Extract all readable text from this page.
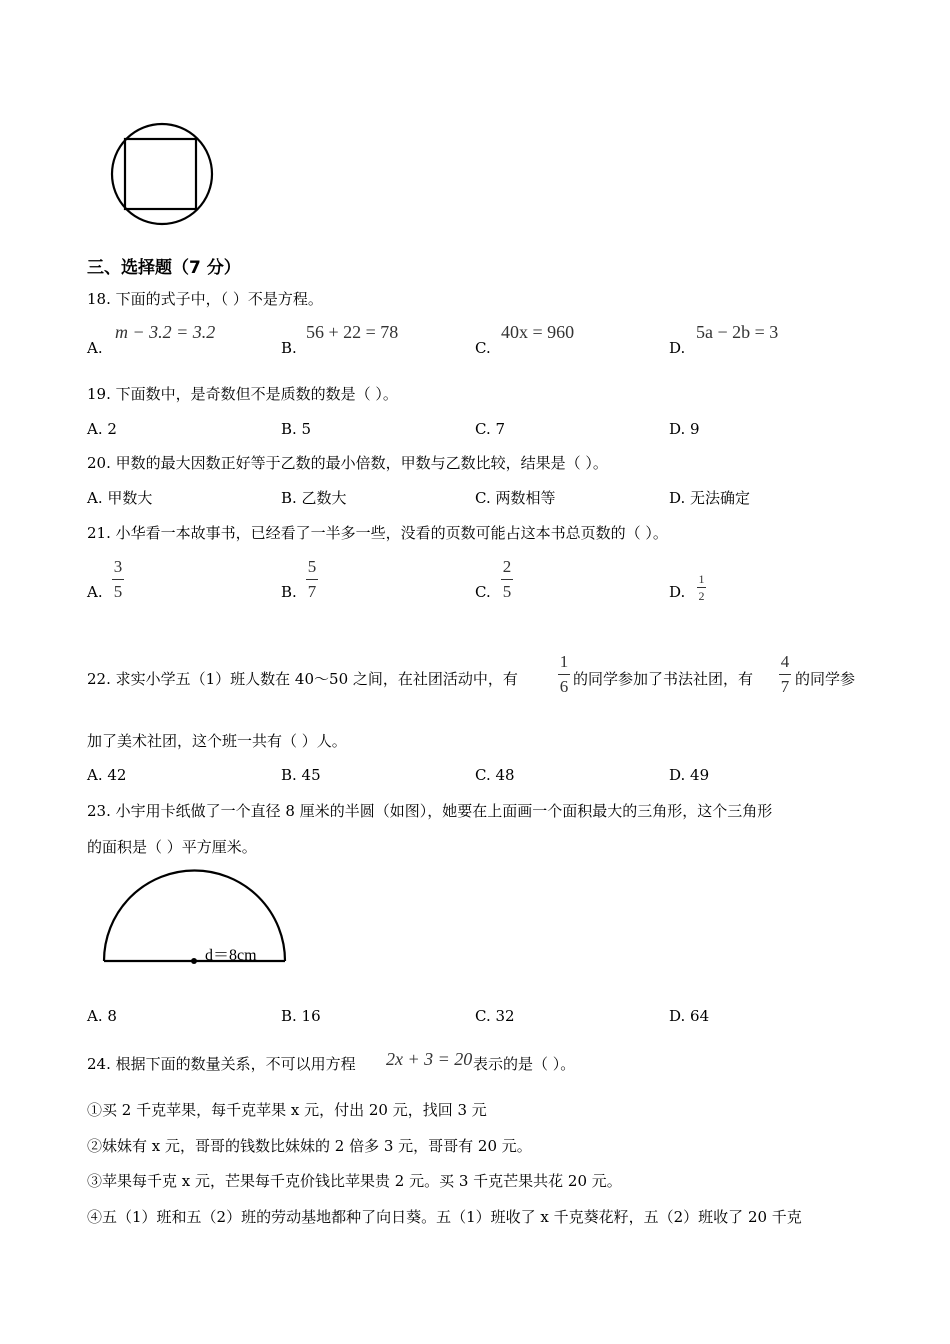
三、选择题（7 分）
18. 下面的式子中，（ ）不是方程。
A.
m − 3.2 = 3.2
B.
56 + 22 = 78
C.
40x = 960
D.
5a − 2b = 3
19. 下面数中，是奇数但不是质数的数是（ ）。
A. 2	B. 5	C. 7	D. 9
20. 甲数的最大因数正好等于乙数的最小倍数，甲数与乙数比较，结果是（ ）。
A. 甲数大	B. 乙数大	C. 两数相等	D. 无法确定
21. 小华看一本故事书，已经看了一半多一些，没看的页数可能占这本书总页数的（ ）。
A.
3
5	B.
5
7	C.
2
5	D.
1
2
22. 求实小学五（1）班人数在 40～50 之间，在社团活动中，有
1
6 的同学参加了书法社团，有
4
7 的同学参
加了美术社团，这个班一共有（ ）人。
A. 42	B. 45	C. 48	D. 49
23. 小宇用卡纸做了一个直径 8 厘米的半圆（如图），她要在上面画一个面积最大的三角形，这个三角形
的面积是（ ）平方厘米。
d＝8cm
A. 8	B. 16	C. 32	D. 64
24. 根据下面的数量关系，不可以用方程 2x + 3 = 20 表示的是（ ）。
①买 2 千克苹果，每千克苹果 x 元，付出 20 元，找回 3 元
②妹妹有 x 元，哥哥的钱数比妹妹的 2 倍多 3 元，哥哥有 20 元。
③苹果每千克 x 元，芒果每千克价钱比苹果贵 2 元。买 3 千克芒果共花 20 元。
④五（1）班和五（2）班的劳动基地都种了向日葵。五（1）班收了 x 千克葵花籽，五（2）班收了 20 千克
